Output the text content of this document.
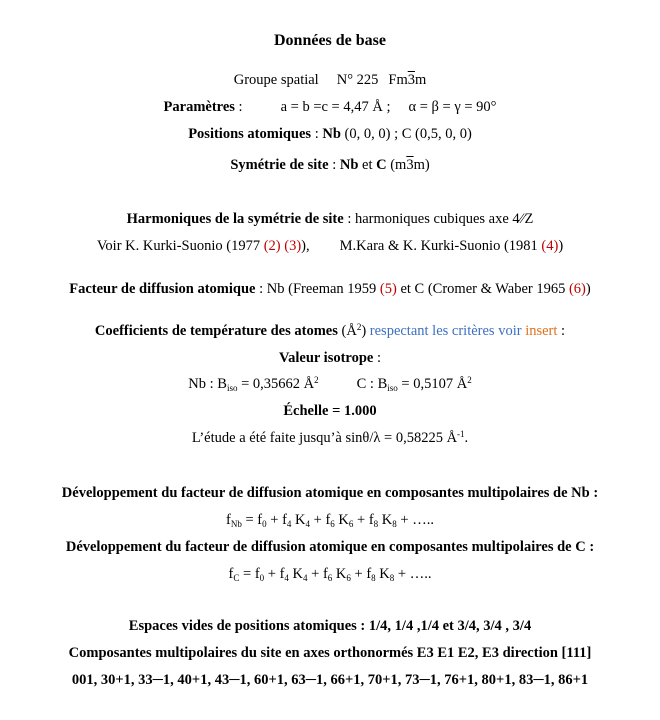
Données de base
Groupe spatial N° 225 Fm3m
Paramètres :	a = b =c = 4,47 Å ; α = β = γ = 90°
Positions atomiques : Nb (0, 0, 0) ; C (0,5, 0, 0)
Symétrie de site : Nb et C (m3m)
Harmoniques de la symétrie de site : harmoniques cubiques axe 4∕∕Z
Voir K. Kurki-Suonio (1977 (2) (3)), M.Kara & K. Kurki-Suonio (1981 (4))
Facteur de diffusion atomique : Nb (Freeman 1959 (5) et C (Cromer & Waber 1965 (6))
Coefficients de température des atomes $(Å^2)$ respectant les critères voir insert :
Valeur isotrope :
Nb : $B_{iso} = 0,35662$ $Å^2$	C : $B_{iso} = 0,5107$ $Å^2$
Échelle = 1.000
L’étude a été faite jusqu’à sinθ/λ = 0,58225 $Å^{-1}$.
Développement du facteur de diffusion atomique en composantes multipolaires de Nb :
$f_{Nb} = f_0 + f_4$ $K_4 + f_6$ $K_6 + f_8$ $K_8$ + …..
Développement du facteur de diffusion atomique en composantes multipolaires de C :
$f_C = f_0 + f_4$ $K_4 + f_6$ $K_6 + f_8$ $K_8$ + …..
Espaces vides de positions atomiques : 1/4, 1/4 ,1/4 et 3/4, 3/4 , 3/4
Composantes multipolaires du site en axes orthonormés E3 E1 E2, E3 direction [111]
001, 30+1, 33─1, 40+1, 43─1, 60+1, 63─1, 66+1, 70+1, 73─1, 76+1, 80+1, 83─1, 86+1
